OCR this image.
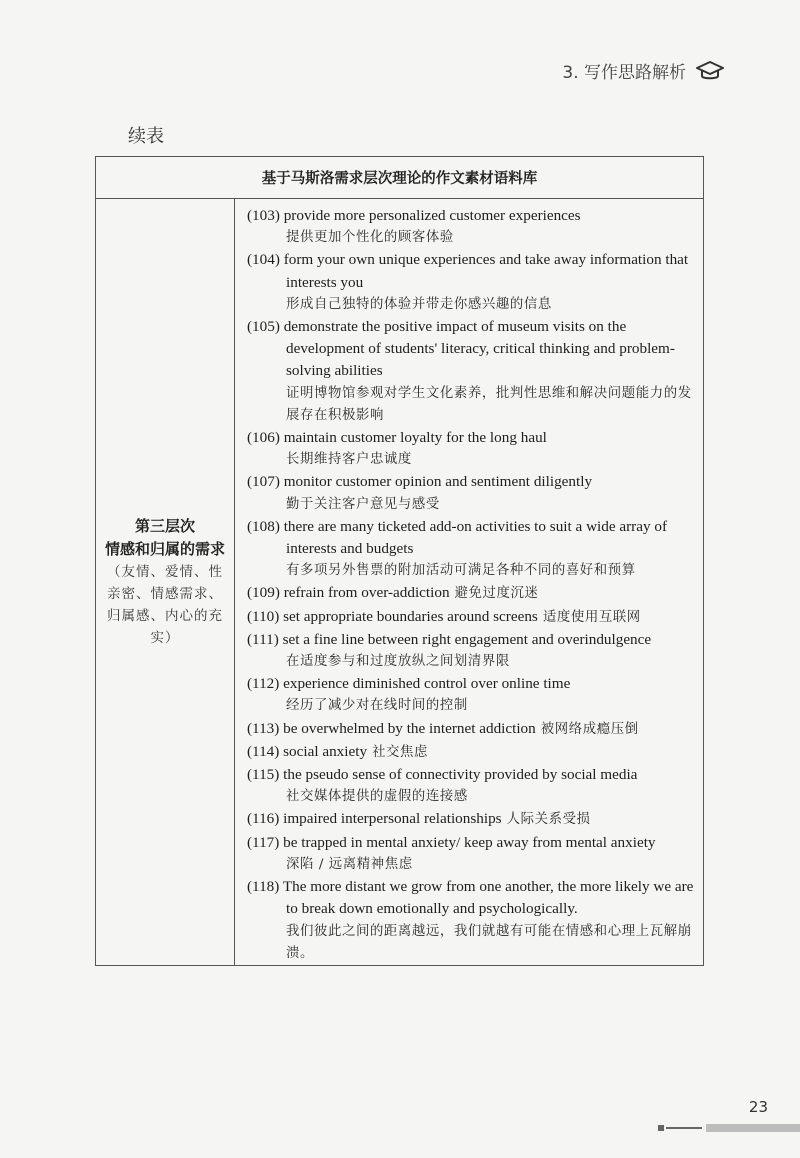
3. 写作思路解析
续表
基于马斯洛需求层次理论的作文素材语料库
第三层次
情感和归属的需求
（友情、爱情、性亲密、情感需求、归属感、内心的充实）
(103) provide more personalized customer experiences
提供更加个性化的顾客体验
(104) form your own unique experiences and take away information that interests you
形成自己独特的体验并带走你感兴趣的信息
(105) demonstrate the positive impact of museum visits on the development of students' literacy, critical thinking and problem-solving abilities
证明博物馆参观对学生文化素养，批判性思维和解决问题能力的发展存在积极影响
(106) maintain customer loyalty for the long haul
长期维持客户忠诚度
(107) monitor customer opinion and sentiment diligently
勤于关注客户意见与感受
(108) there are many ticketed add-on activities to suit a wide array of interests and budgets
有多项另外售票的附加活动可满足各种不同的喜好和预算
(109) refrain from over-addiction 避免过度沉迷
(110) set appropriate boundaries around screens 适度使用互联网
(111) set a fine line between right engagement and overindulgence
在适度参与和过度放纵之间划清界限
(112) experience diminished control over online time
经历了减少对在线时间的控制
(113) be overwhelmed by the internet addiction 被网络成瘾压倒
(114) social anxiety 社交焦虑
(115) the pseudo sense of connectivity provided by social media
社交媒体提供的虚假的连接感
(116) impaired interpersonal relationships 人际关系受损
(117) be trapped in mental anxiety/ keep away from mental anxiety
深陷 / 远离精神焦虑
(118) The more distant we grow from one another, the more likely we are to break down emotionally and psychologically.
我们彼此之间的距离越远，我们就越有可能在情感和心理上瓦解崩溃。
23
